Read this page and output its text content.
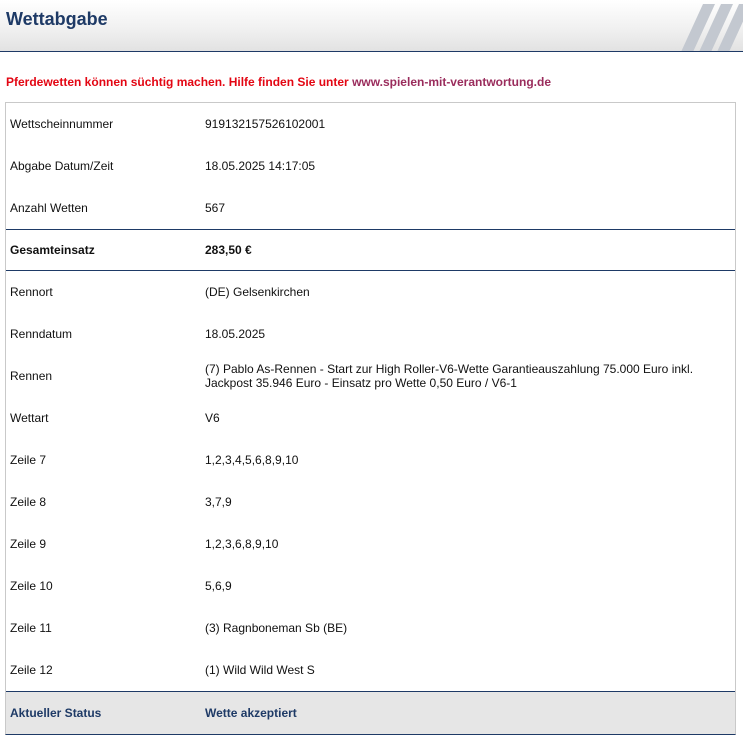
Wettabgabe
Pferdewetten können süchtig machen. Hilfe finden Sie unter www.spielen-mit-verantwortung.de
Wettscheinnummer	919132157526102001
Abgabe Datum/Zeit	18.05.2025 14:17:05
Anzahl Wetten	567
Gesamteinsatz	283,50 €
Rennort	(DE) Gelsenkirchen
Renndatum	18.05.2025
Rennen	(7) Pablo As-Rennen - Start zur High Roller-V6-Wette Garantieauszahlung 75.000 Euro inkl. Jackpost 35.946 Euro - Einsatz pro Wette 0,50 Euro / V6-1
Wettart	V6
Zeile 7	1,2,3,4,5,6,8,9,10
Zeile 8	3,7,9
Zeile 9	1,2,3,6,8,9,10
Zeile 10	5,6,9
Zeile 11	(3) Ragnboneman Sb (BE)
Zeile 12	(1) Wild Wild West S
Aktueller Status	Wette akzeptiert
